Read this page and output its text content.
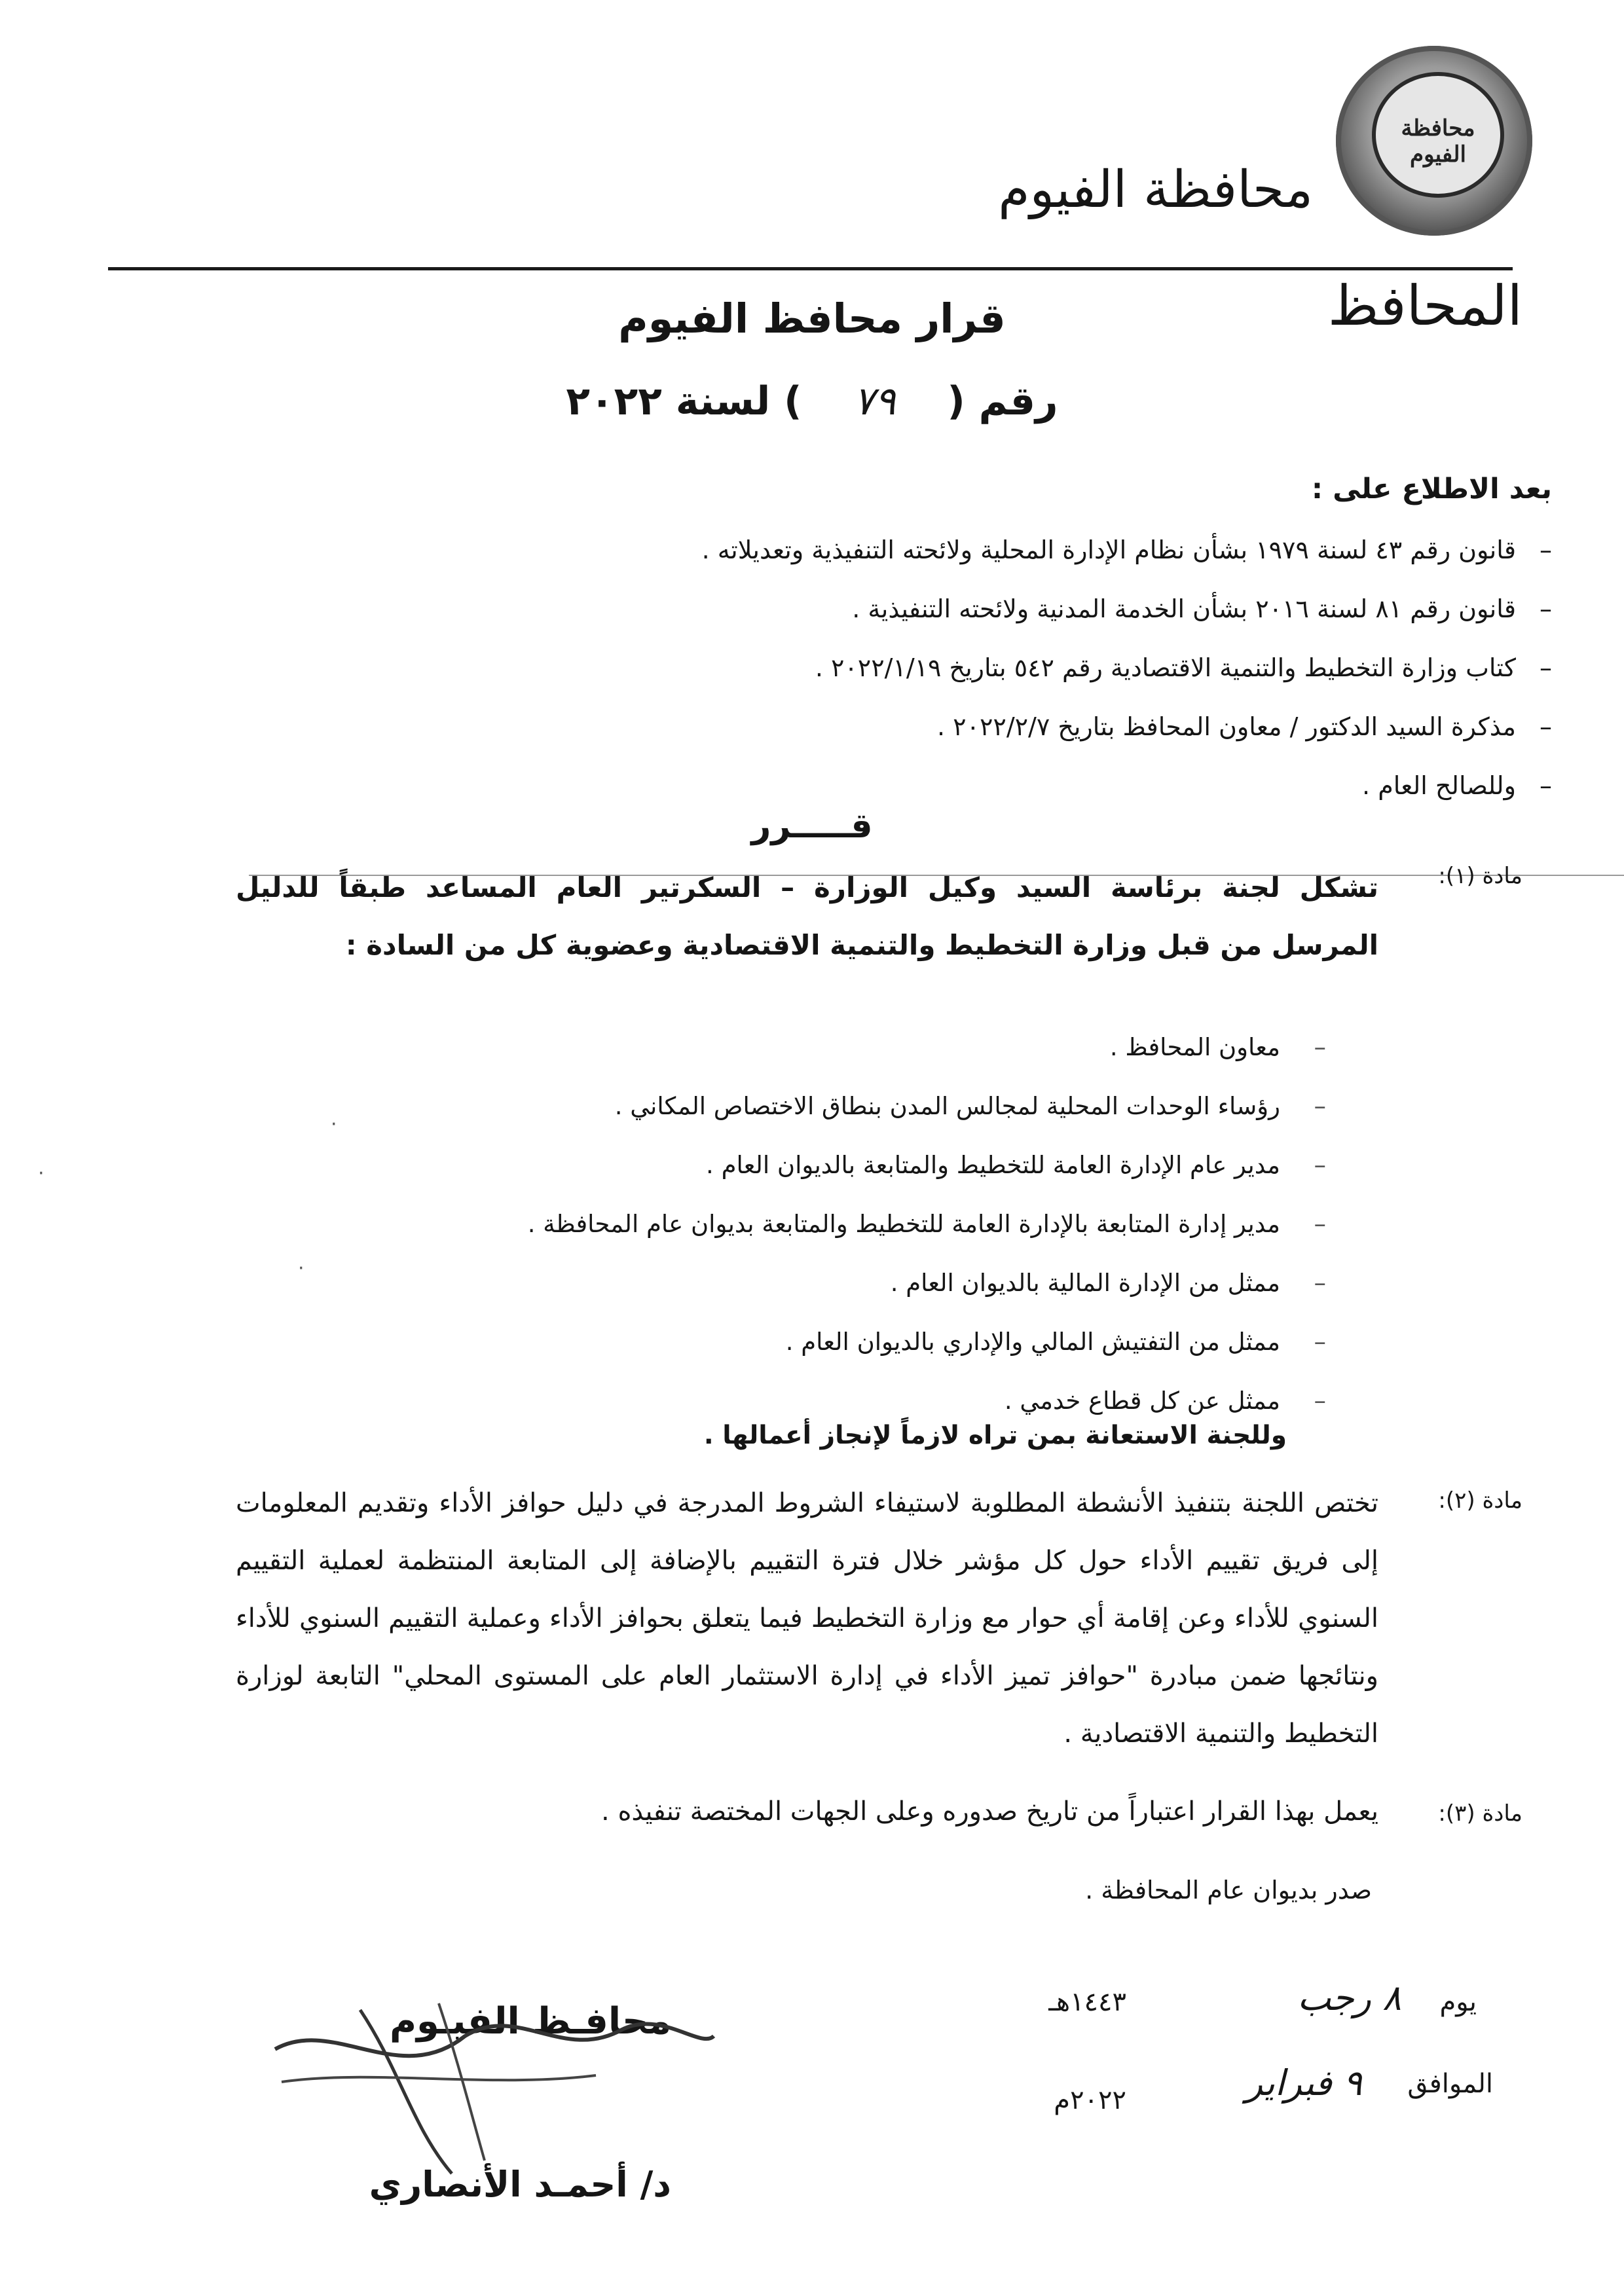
محافظة الفيوم
محافظة الفيوم
المحافظ
قرار محافظ الفيوم
رقم ( ٧٩ ) لسنة ٢٠٢٢
بعد الاطلاع على :
–قانون رقم ٤٣ لسنة ١٩٧٩ بشأن نظام الإدارة المحلية ولائحته التنفيذية وتعديلاته .
–قانون رقم ٨١ لسنة ٢٠١٦ بشأن الخدمة المدنية ولائحته التنفيذية .
–كتاب وزارة التخطيط والتنمية الاقتصادية رقم ٥٤٢ بتاريخ ٢٠٢٢/١/١٩ .
–مذكرة السيد الدكتور / معاون المحافظ بتاريخ ٢٠٢٢/٢/٧ .
–وللصالح العام .
قـــــرر
مادة (١):
تشكل لجنة برئاسة السيد وكيل الوزارة – السكرتير العام المساعد طبقاً للدليل المرسل من قبل وزارة التخطيط والتنمية الاقتصادية وعضوية كل من السادة :
–معاون المحافظ .
–رؤساء الوحدات المحلية لمجالس المدن بنطاق الاختصاص المكاني .
–مدير عام الإدارة العامة للتخطيط والمتابعة بالديوان العام .
–مدير إدارة المتابعة بالإدارة العامة للتخطيط والمتابعة بديوان عام المحافظة .
–ممثل من الإدارة المالية بالديوان العام .
–ممثل من التفتيش المالي والإداري بالديوان العام .
–ممثل عن كل قطاع خدمي .
وللجنة الاستعانة بمن تراه لازماً لإنجاز أعمالها .
مادة (٢):
تختص اللجنة بتنفيذ الأنشطة المطلوبة لاستيفاء الشروط المدرجة في دليل حوافز الأداء وتقديم المعلومات إلى فريق تقييم الأداء حول كل مؤشر خلال فترة التقييم بالإضافة إلى المتابعة المنتظمة لعملية التقييم السنوي للأداء وعن إقامة أي حوار مع وزارة التخطيط فيما يتعلق بحوافز الأداء وعملية التقييم السنوي للأداء ونتائجها ضمن مبادرة "حوافز تميز الأداء في إدارة الاستثمار العام على المستوى المحلي" التابعة لوزارة التخطيط والتنمية الاقتصادية .
مادة (٣):
يعمل بهذا القرار اعتباراً من تاريخ صدوره وعلى الجهات المختصة تنفيذه .
صدر بديوان عام المحافظة .
يوم
٨ رجب
١٤٤٣هـ
الموافق
٩ فبراير
٢٠٢٢م
محافـظ الفيـوم
د/ أحمـد الأنصاري
·
·
·
